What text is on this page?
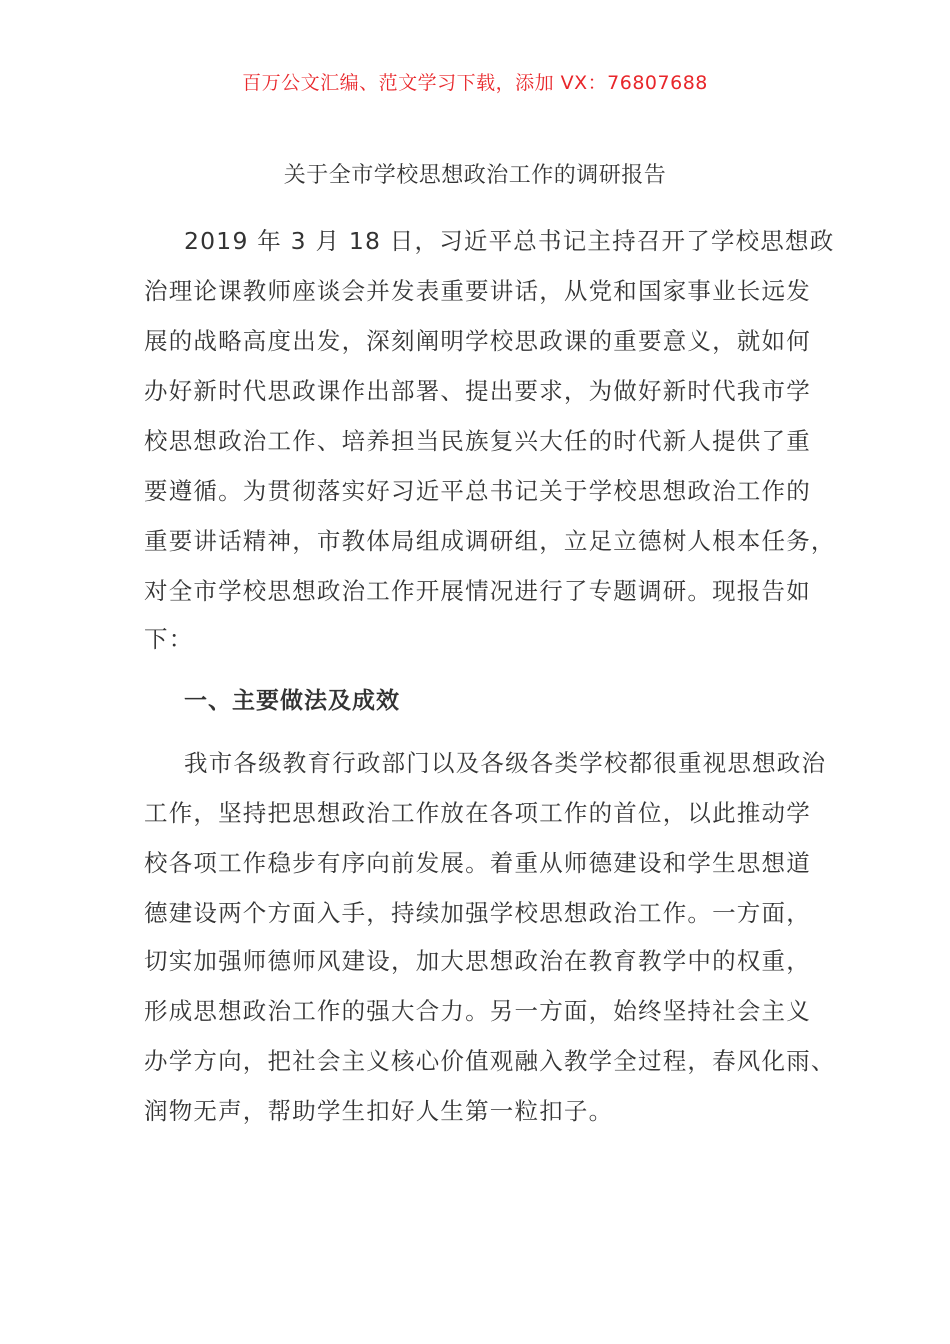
百万公文汇编、范文学习下载，添加 VX：76807688
关于全市学校思想政治工作的调研报告
2019 年 3 月 18 日，习近平总书记主持召开了学校思想政
治理论课教师座谈会并发表重要讲话，从党和国家事业长远发
展的战略高度出发，深刻阐明学校思政课的重要意义，就如何
办好新时代思政课作出部署、提出要求，为做好新时代我市学
校思想政治工作、培养担当民族复兴大任的时代新人提供了重
要遵循。为贯彻落实好习近平总书记关于学校思想政治工作的
重要讲话精神，市教体局组成调研组，立足立德树人根本任务，
对全市学校思想政治工作开展情况进行了专题调研。现报告如
下：
一、主要做法及成效
我市各级教育行政部门以及各级各类学校都很重视思想政治
工作，坚持把思想政治工作放在各项工作的首位，以此推动学
校各项工作稳步有序向前发展。着重从师德建设和学生思想道
德建设两个方面入手，持续加强学校思想政治工作。一方面，
切实加强师德师风建设，加大思想政治在教育教学中的权重，
形成思想政治工作的强大合力。另一方面，始终坚持社会主义
办学方向，把社会主义核心价值观融入教学全过程，春风化雨、
润物无声，帮助学生扣好人生第一粒扣子。
